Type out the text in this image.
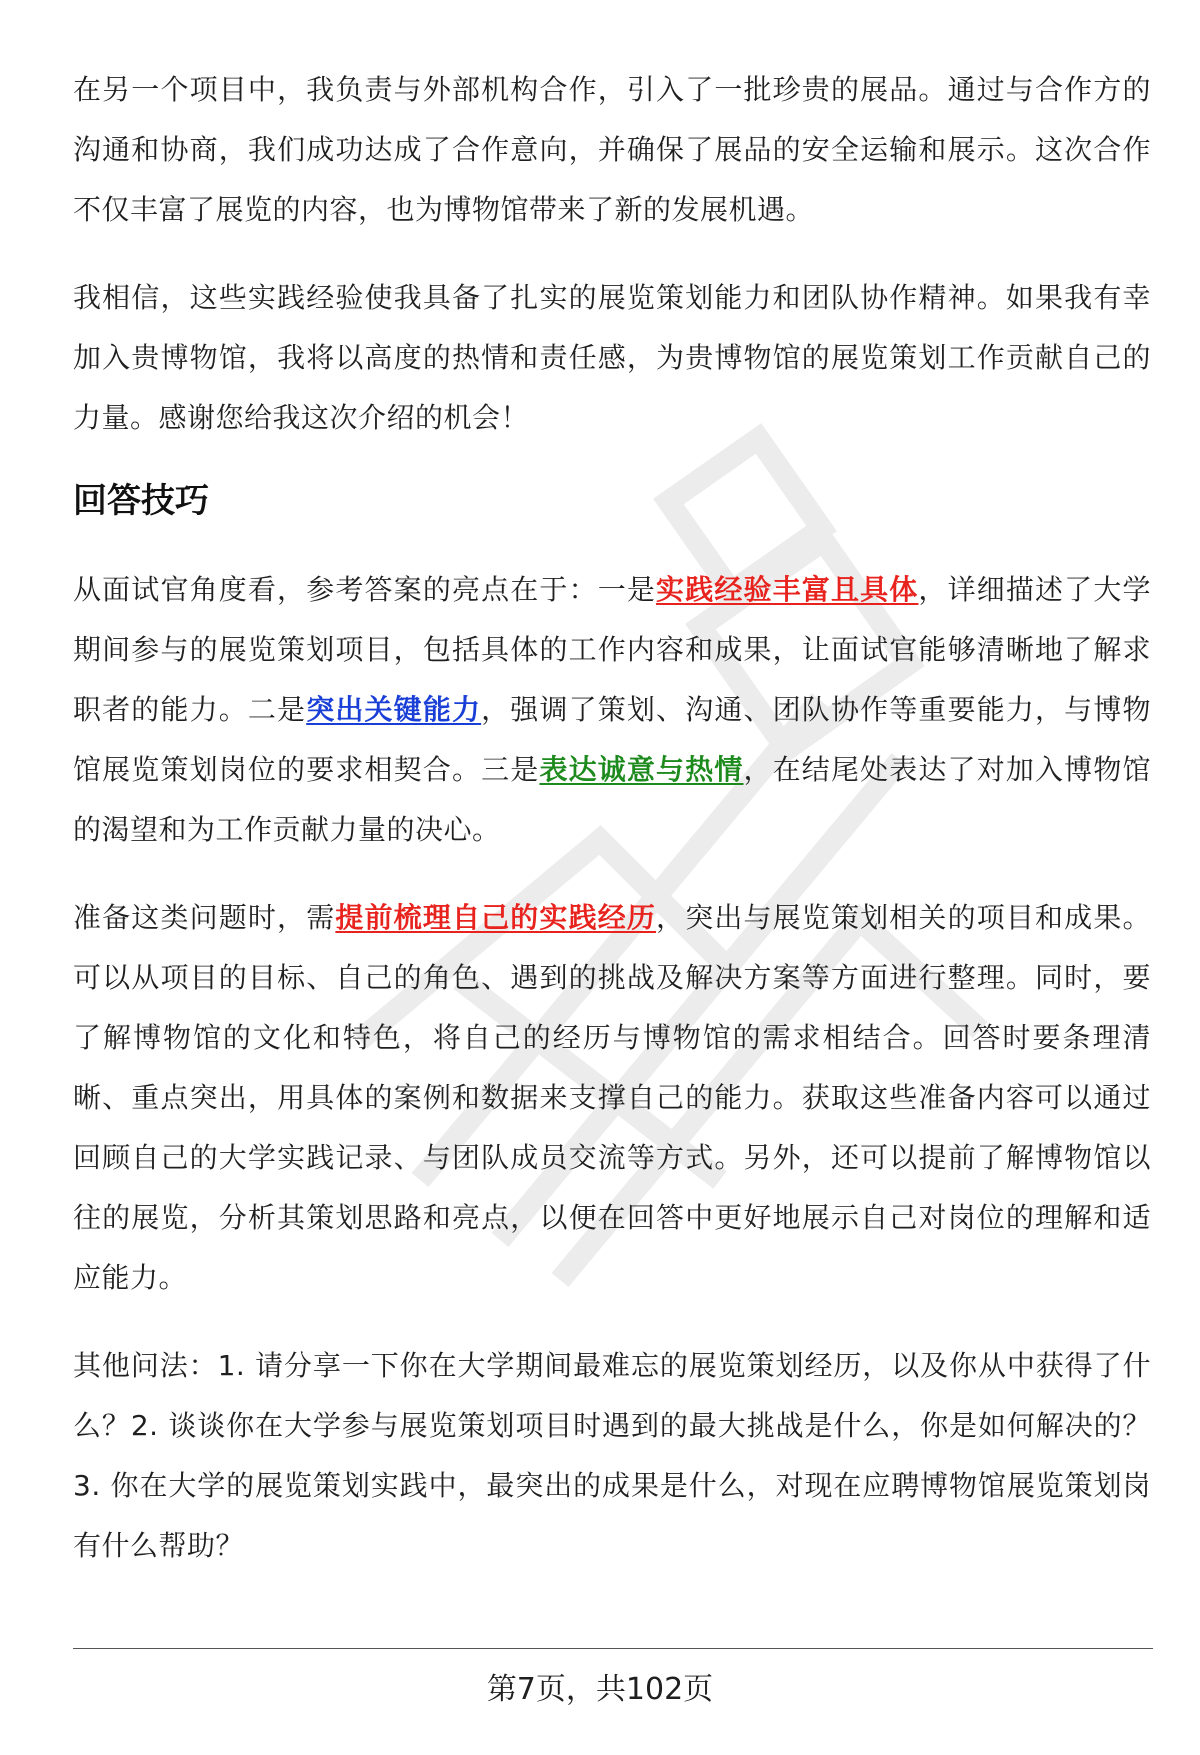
在另一个项目中，我负责与外部机构合作，引入了一批珍贵的展品。通过与合作方的沟通和协商，我们成功达成了合作意向，并确保了展品的安全运输和展示。这次合作不仅丰富了展览的内容，也为博物馆带来了新的发展机遇。

我相信，这些实践经验使我具备了扎实的展览策划能力和团队协作精神。如果我有幸加入贵博物馆，我将以高度的热情和责任感，为贵博物馆的展览策划工作贡献自己的力量。感谢您给我这次介绍的机会！

回答技巧

从面试官角度看，参考答案的亮点在于：一是实践经验丰富且具体，详细描述了大学期间参与的展览策划项目，包括具体的工作内容和成果，让面试官能够清晰地了解求职者的能力。二是突出关键能力，强调了策划、沟通、团队协作等重要能力，与博物馆展览策划岗位的要求相契合。三是表达诚意与热情，在结尾处表达了对加入博物馆的渴望和为工作贡献力量的决心。

准备这类问题时，需提前梳理自己的实践经历，突出与展览策划相关的项目和成果。可以从项目的目标、自己的角色、遇到的挑战及解决方案等方面进行整理。同时，要了解博物馆的文化和特色，将自己的经历与博物馆的需求相结合。回答时要条理清晰、重点突出，用具体的案例和数据来支撑自己的能力。获取这些准备内容可以通过回顾自己的大学实践记录、与团队成员交流等方式。另外，还可以提前了解博物馆以往的展览，分析其策划思路和亮点，以便在回答中更好地展示自己对岗位的理解和适应能力。

其他问法：1. 请分享一下你在大学期间最难忘的展览策划经历，以及你从中获得了什么？2. 谈谈你在大学参与展览策划项目时遇到的最大挑战是什么，你是如何解决的？3. 你在大学的展览策划实践中，最突出的成果是什么，对现在应聘博物馆展览策划岗有什么帮助？

第7页，共102页
